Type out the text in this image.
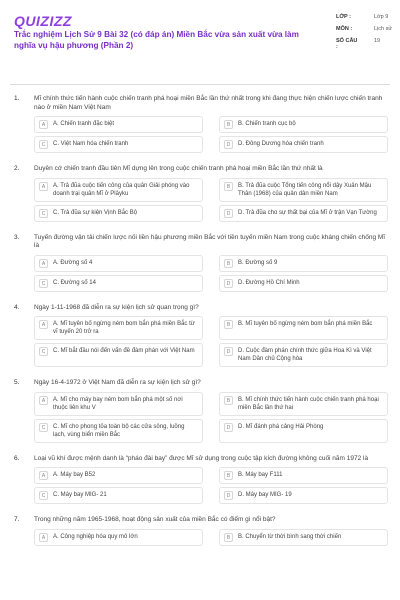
QUIZIZZ
Trắc nghiệm Lịch Sử 9 Bài 32 (có đáp án) Miền Bắc vừa sản xuất vừa làm nghĩa vụ hậu phương (Phần 2)
LỚP :	Lớp 9
MÔN :	Lịch sử
SỐ CÂU :
19
1. Mĩ chính thức tiến hành cuộc chiến tranh phá hoại miền Bắc lần thứ nhất trong khi đang thực hiện chiến lược chiến tranh nào ở miền Nam Việt Nam
A	A. Chiến tranh đặc biệt	B	B. Chiến tranh cục bộ
C	C. Việt Nam hóa chiến tranh	D	D. Đông Dương hóa chiến tranh
2. Duyên cớ chiến tranh đầu tiên Mĩ dựng lên trong cuộc chiến tranh phá hoại miền Bắc lần thứ nhất là
A	A. Trả đũa cuộc tiến công của quân Giải phóng vào doanh trại quân Mĩ ở Plâyku
B	B. Trả đũa cuộc Tổng tiến công nổi dậy Xuân Mậu Thân (1968) của quân dân miền Nam
C	C. Trả đũa sự kiện Vịnh Bắc Bộ	D	D. Trả đũa cho sự thất bại của Mĩ ở trận Vạn Tường
3. Tuyến đường vận tải chiến lược nối liền hậu phương miền Bắc với tiền tuyến miền Nam trong cuộc kháng chiến chống Mĩ là
A	A. Đường số 4	B	B. Đường số 9
C	C. Đường số 14	D	D. Đường Hồ Chí Minh
4. Ngày 1-11-1968 đã diễn ra sự kiện lịch sử quan trọng gì?
A	A. Mĩ tuyên bố ngừng ném bom bắn phá miền Bắc từ vĩ tuyến 20 trở ra
B	B. Mĩ tuyên bố ngừng ném bom bắn phá miền Bắc
C	C. Mĩ bắt đầu nói đến vấn đề đàm phán với Việt Nam	D	D. Cuộc đàm phán chính thức giữa Hoa Kì và Việt Nam Dân chủ Cộng hòa
5. Ngày 16-4-1972 ở Việt Nam đã diễn ra sự kiện lịch sử gì?
A	A. Mĩ cho máy bay ném bom bắn phá một số nơi thuộc liên khu V
B	B. Mĩ chính thức tiến hành cuộc chiến tranh phá hoại miền Bắc lần thứ hai
C	C. Mĩ cho phong tỏa toàn bộ các cửa sông, luồng lạch, vùng biển miền Bắc
D	D. Mĩ đánh phá cảng Hải Phòng
6. Loại vũ khí được mệnh danh là “pháo đài bay” được Mĩ sử dụng trong cuộc tập kích đường không cuối năm 1972 là
A	A. Máy bay B52	B	B. Máy bay F111
C	C. Máy bay MIG- 21	D	D. Máy bay MIG- 19
7. Trong những năm 1965-1968, hoạt động sản xuất của miền Bắc có điểm gì nổi bật?
A	A. Công nghiệp hóa quy mô lớn	B	B. Chuyển từ thời bình sang thời chiến
